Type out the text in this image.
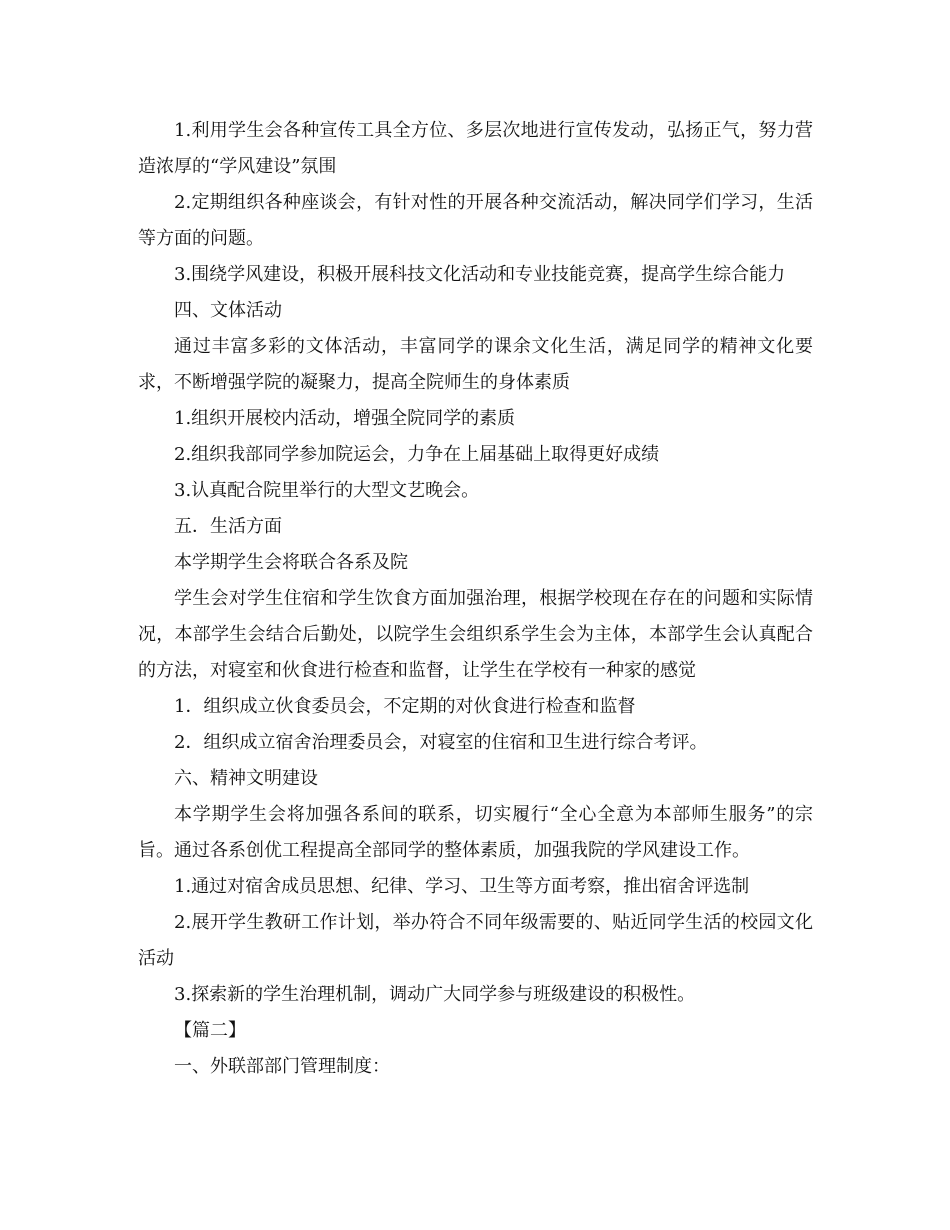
1.利用学生会各种宣传工具全方位、多层次地进行宣传发动，弘扬正气，努力营造浓厚的“学风建设”氛围

2.定期组织各种座谈会，有针对性的开展各种交流活动，解决同学们学习，生活等方面的问题。

3.围绕学风建设，积极开展科技文化活动和专业技能竞赛，提高学生综合能力

四、文体活动

通过丰富多彩的文体活动，丰富同学的课余文化生活，满足同学的精神文化要求，不断增强学院的凝聚力，提高全院师生的身体素质

1.组织开展校内活动，增强全院同学的素质

2.组织我部同学参加院运会，力争在上届基础上取得更好成绩

3.认真配合院里举行的大型文艺晚会。

五．生活方面

本学期学生会将联合各系及院

学生会对学生住宿和学生饮食方面加强治理，根据学校现在存在的问题和实际情况，本部学生会结合后勤处，以院学生会组织系学生会为主体，本部学生会认真配合的方法，对寝室和伙食进行检查和监督，让学生在学校有一种家的感觉

1．组织成立伙食委员会，不定期的对伙食进行检查和监督

2．组织成立宿舍治理委员会，对寝室的住宿和卫生进行综合考评。

六、精神文明建设

本学期学生会将加强各系间的联系，切实履行“全心全意为本部师生服务”的宗旨。通过各系创优工程提高全部同学的整体素质，加强我院的学风建设工作。

1.通过对宿舍成员思想、纪律、学习、卫生等方面考察，推出宿舍评选制

2.展开学生教研工作计划，举办符合不同年级需要的、贴近同学生活的校园文化活动

3.探索新的学生治理机制，调动广大同学参与班级建设的积极性。

【篇二】

一、外联部部门管理制度：
